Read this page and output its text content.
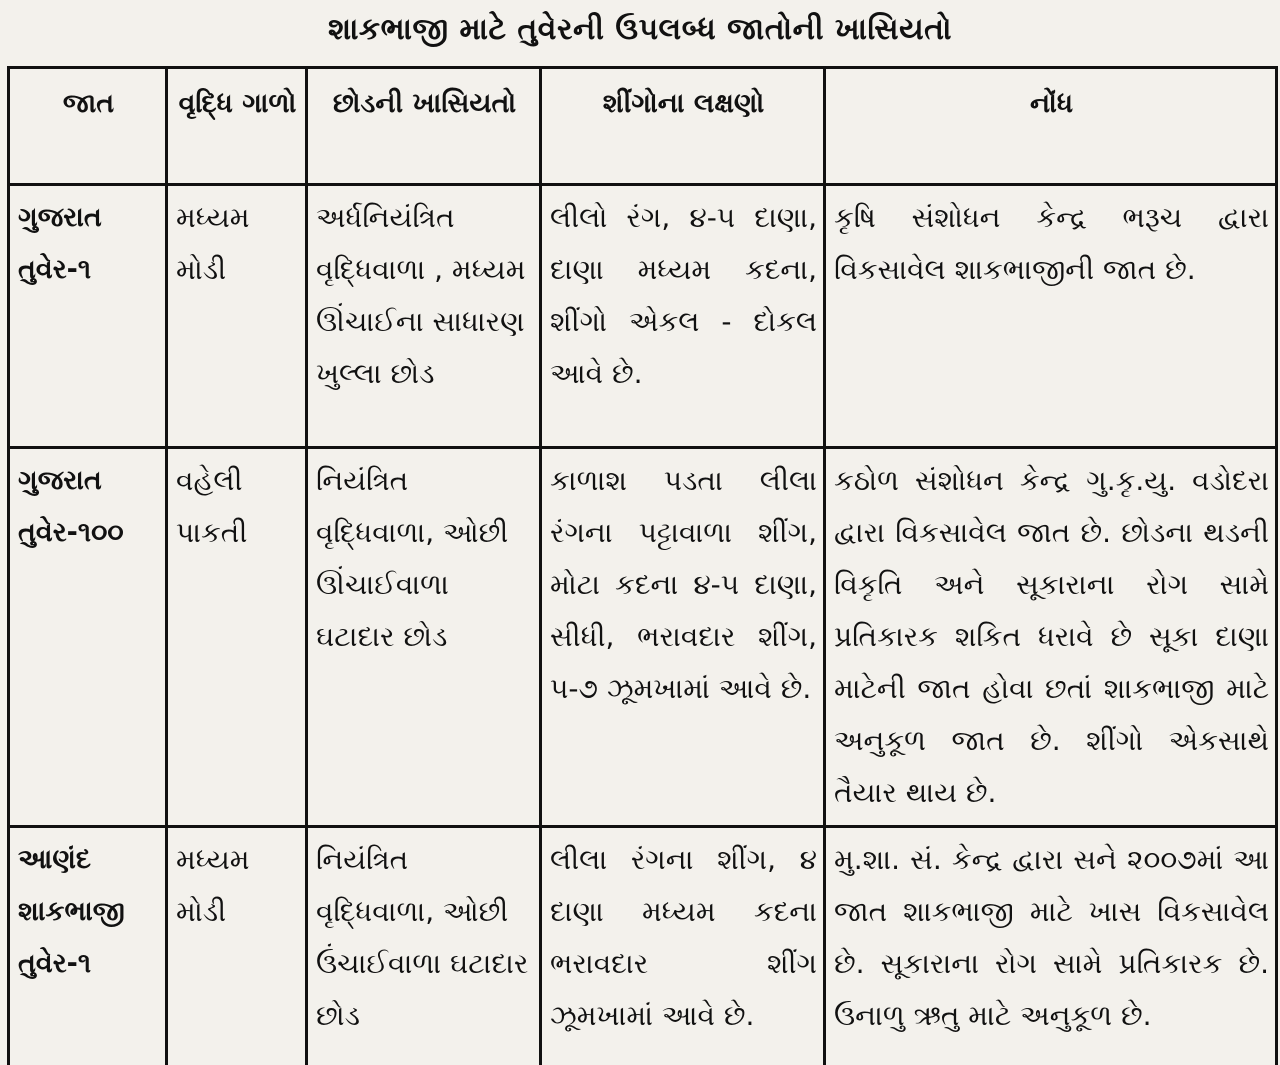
શાકભાજી માટે તુવેરની ઉપલબ્ધ જાતોની ખાસિયતો
જાત	વૃદ્ધિ ગાળો	છોડની ખાસિયતો	શીંગોના લક્ષણો	નોંધ
ગુજરાત તુવેર-૧	મધ્યમ મોડી	અર્ધનિયંત્રિત વૃદ્ધિવાળા , મધ્યમ ઊંચાઈના સાધારણ ખુલ્લા છોડ	લીલો રંગ, ૪-૫ દાણા, દાણા મધ્યમ કદના, શીંગો એકલ - દોકલ આવે છે.	કૃષિ સંશોધન કેન્દ્ર ભરૂચ દ્વારા વિકસાવેલ શાકભાજીની જાત છે.
ગુજરાત તુવેર-૧૦૦	વહેલી પાકતી	નિયંત્રિત વૃદ્ધિવાળા, ઓછી ઊંચાઈવાળા ઘટાદાર છોડ	કાળાશ પડતા લીલા રંગના પટ્ટાવાળા શીંગ, મોટા કદના ૪-૫ દાણા, સીધી, ભરાવદાર શીંગ, ૫-૭ ઝૂમખામાં આવે છે.	કઠોળ સંશોધન કેન્દ્ર ગુ.કૃ.યુ. વડોદરા દ્વારા વિકસાવેલ જાત છે. છોડના થડની વિકૃતિ અને સૂકારાના રોગ સામે પ્રતિકારક શકિત ધરાવે છે સૂકા દાણા માટેની જાત હોવા છતાં શાકભાજી માટે અનુકૂળ જાત છે. શીંગો એકસાથે તૈયાર થાય છે.
આણંદ શાકભાજી તુવેર-૧	મધ્યમ મોડી	નિયંત્રિત વૃદ્ધિવાળા, ઓછી ઉંચાઈવાળા ઘટાદાર છોડ	લીલા રંગના શીંગ, ૪ દાણા મધ્યમ કદના ભરાવદાર શીંગ ઝૂમખામાં આવે છે.	મુ.શા. સં. કેન્દ્ર દ્વારા સને ૨૦૦૭માં આ જાત શાકભાજી માટે ખાસ વિકસાવેલ છે. સૂકારાના રોગ સામે પ્રતિકારક છે. ઉનાળુ ઋતુ માટે અનુકૂળ છે.
